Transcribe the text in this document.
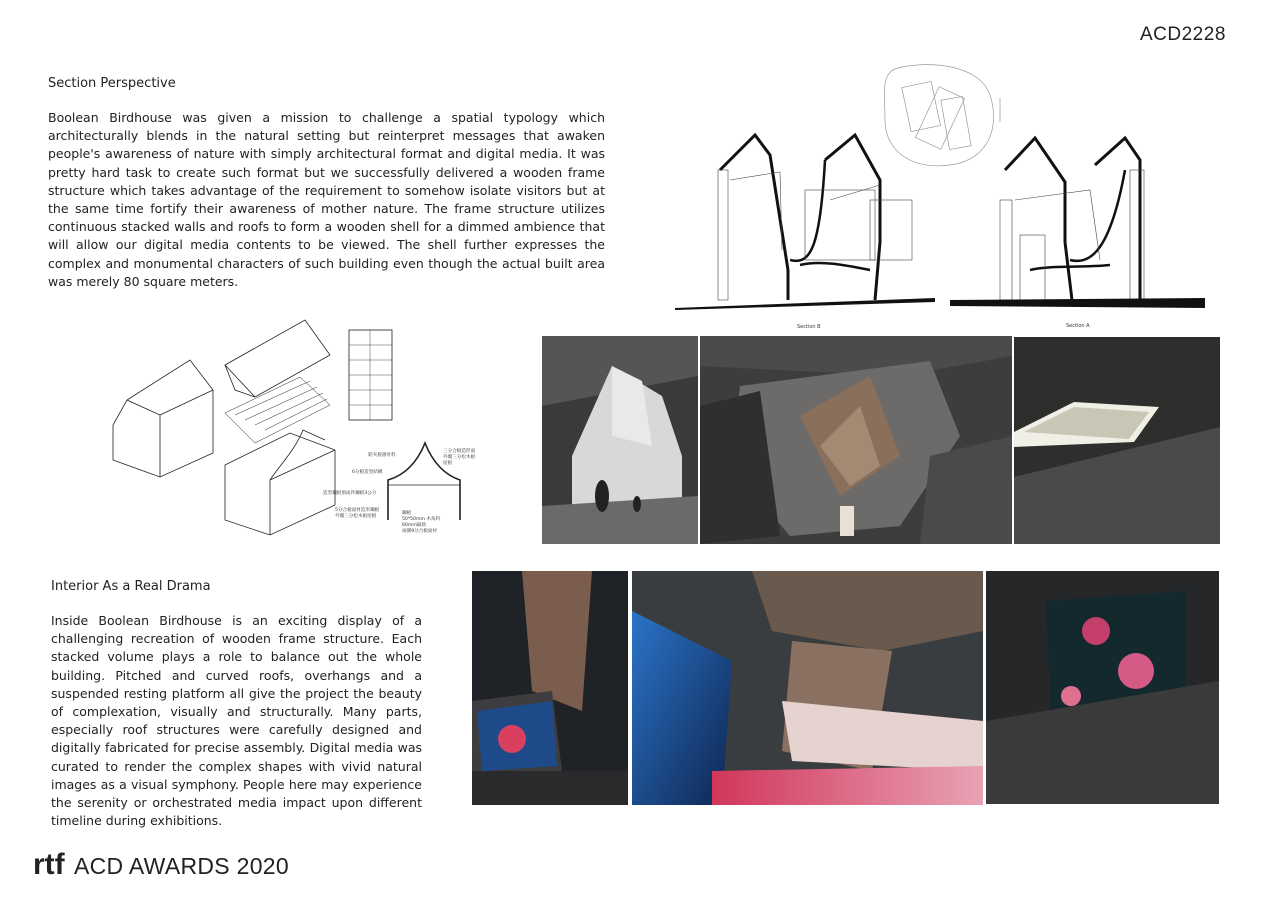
ACD2228
Section Perspective
Boolean Birdhouse was given a mission to challenge a spatial typology which architecturally blends in the natural setting but reinterpret messages that awaken people's awareness of nature with simply architectural format and digital media. It was pretty hard task to create such format but we successfully delivered a wooden frame structure which takes advantage of the requirement to somehow isolate visitors but at the same time fortify their awareness of mother nature. The frame structure utilizes continuous stacked walls and roofs to form a wooden shell for a dimmed ambience that will allow our digital media contents to be viewed. The shell further expresses the complex and monumental characters of such building even though the actual built area was merely 80 square meters.
Section B	Section A
三分合板造形面
外覆三分松木板
屋板
鋁夾板薄骨料
6分板造型結構
造型鋼板預成件鋼板3公分
5分合板面材造形鋼板
外覆三分松木板屋板
鋼板
50*50mm 木角料
60mm隔熱
兩側9分合板面材
Interior As a Real Drama
Inside Boolean Birdhouse is an exciting display of a challenging recreation of wooden frame structure. Each stacked volume plays a role to balance out the whole building. Pitched and curved roofs, overhangs and a suspended resting platform all give the project the beauty of complexation, visually and structurally. Many parts, especially roof structures were carefully designed and digitally fabricated for precise assembly. Digital media was curated to render the complex shapes with vivid natural images as a visual symphony. People here may experience the serenity or orchestrated media impact upon different timeline during exhibitions.
rtf ACD AWARDS 2020
